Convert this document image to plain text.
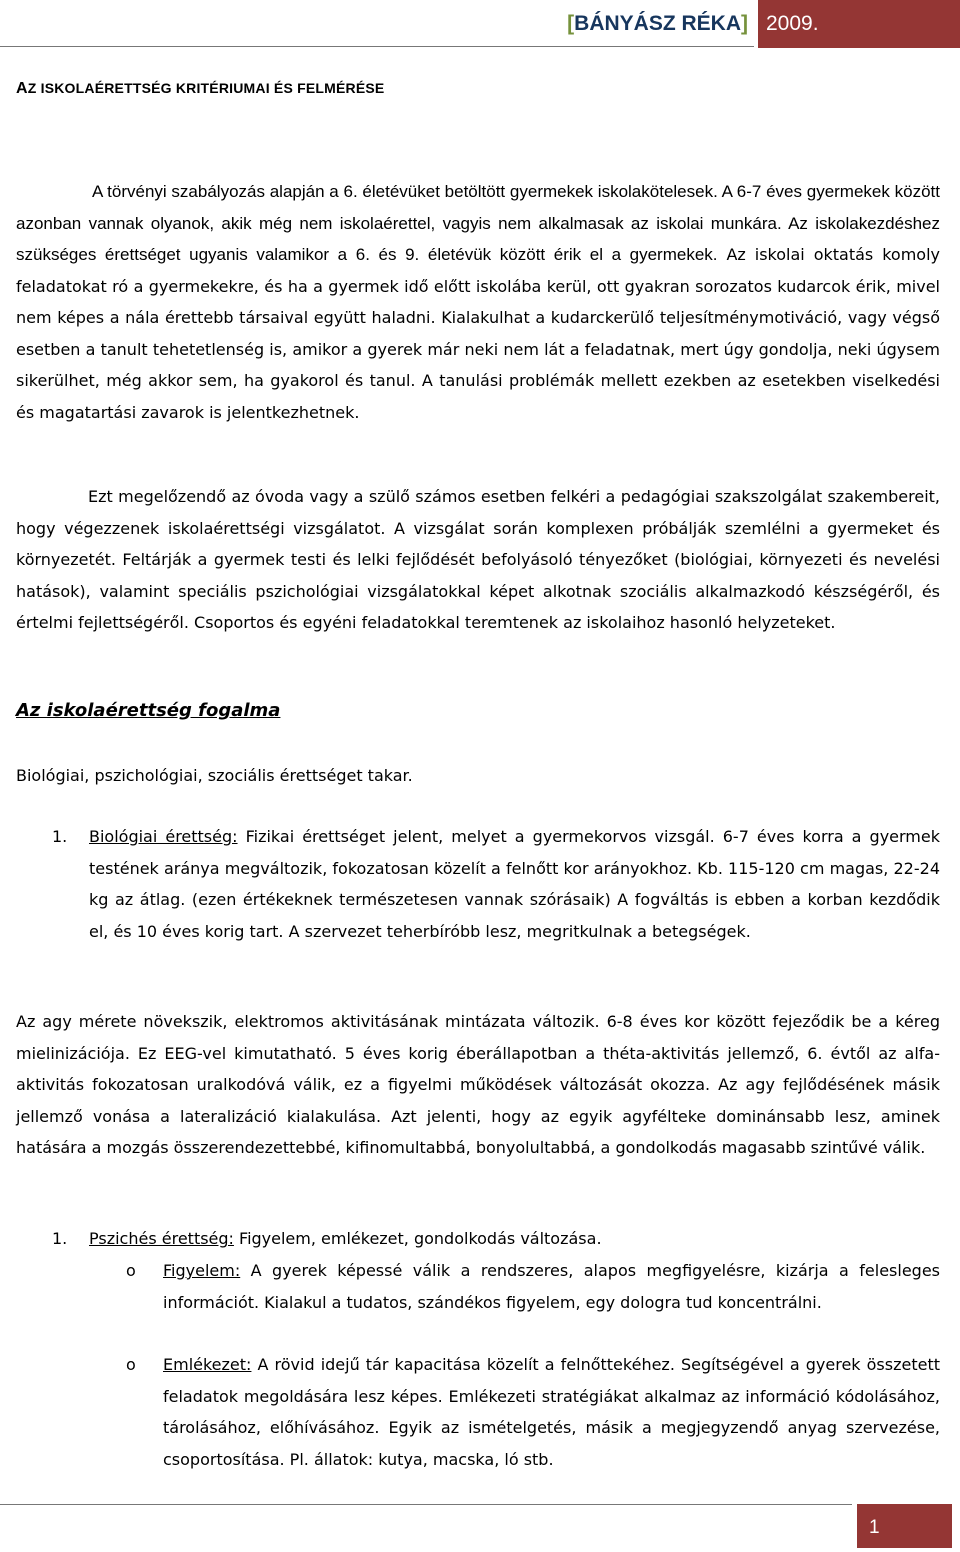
[BÁNYÁSZ RÉKA] 2009.
AZ ISKOLAÉRETTSÉG KRITÉRIUMAI ÉS FELMÉRÉSE
A törvényi szabályozás alapján a 6. életévüket betöltött gyermekek iskolakötelesek. A 6-7 éves gyermekek között azonban vannak olyanok, akik még nem iskolaérettel, vagyis nem alkalmasak az iskolai munkára. Az iskolakezdéshez szükséges érettséget ugyanis valamikor a 6. és 9. életévük között érik el a gyermekek. Az iskolai oktatás komoly feladatokat ró a gyermekekre, és ha a gyermek idő előtt iskolába kerül, ott gyakran sorozatos kudarcok érik, mivel nem képes a nála érettebb társaival együtt haladni. Kialakulhat a kudarckerülő teljesítménymotiváció, vagy végső esetben a tanult tehetetlenség is, amikor a gyerek már neki nem lát a feladatnak, mert úgy gondolja, neki úgysem sikerülhet, még akkor sem, ha gyakorol és tanul. A tanulási problémák mellett ezekben az esetekben viselkedési és magatartási zavarok is jelentkezhetnek.
Ezt megelőzendő az óvoda vagy a szülő számos esetben felkéri a pedagógiai szakszolgálat szakembereit, hogy végezzenek iskolaérettségi vizsgálatot. A vizsgálat során komplexen próbálják szemlélni a gyermeket és környezetét. Feltárják a gyermek testi és lelki fejlődését befolyásoló tényezőket (biológiai, környezeti és nevelési hatások), valamint speciális pszichológiai vizsgálatokkal képet alkotnak szociális alkalmazkodó készségéről, és értelmi fejlettségéről. Csoportos és egyéni feladatokkal teremtenek az iskolaihoz hasonló helyzeteket.
Az iskolaérettség fogalma
Biológiai, pszichológiai, szociális érettséget takar.
1. Biológiai érettség: Fizikai érettséget jelent, melyet a gyermekorvos vizsgál. 6-7 éves korra a gyermek testének aránya megváltozik, fokozatosan közelít a felnőtt kor arányokhoz. Kb. 115-120 cm magas, 22-24 kg az átlag. (ezen értékeknek természetesen vannak szórásaik) A fogváltás is ebben a korban kezdődik el, és 10 éves korig tart. A szervezet teherbíróbb lesz, megritkulnak a betegségek.
Az agy mérete növekszik, elektromos aktivitásának mintázata változik. 6-8 éves kor között fejeződik be a kéreg mielinizációja. Ez EEG-vel kimutatható. 5 éves korig éberállapotban a théta-aktivitás jellemző, 6. évtől az alfa-aktivitás fokozatosan uralkodóvá válik, ez a figyelmi működések változását okozza. Az agy fejlődésének másik jellemző vonása a lateralizáció kialakulása. Azt jelenti, hogy az egyik agyfélteke dominánsabb lesz, aminek hatására a mozgás összerendezettebbé, kifinomultabbá, bonyolultabbá, a gondolkodás magasabb szintűvé válik.
1. Pszichés érettség: Figyelem, emlékezet, gondolkodás változása.
o Figyelem: A gyerek képessé válik a rendszeres, alapos megfigyelésre, kizárja a felesleges információt. Kialakul a tudatos, szándékos figyelem, egy dologra tud koncentrálni.
o Emlékezet: A rövid idejű tár kapacitása közelít a felnőttekéhez. Segítségével a gyerek összetett feladatok megoldására lesz képes. Emlékezeti stratégiákat alkalmaz az információ kódolásához, tárolásához, előhívásához. Egyik az ismételgetés, másik a megjegyzendő anyag szervezése, csoportosítása. Pl. állatok: kutya, macska, ló stb.
1
